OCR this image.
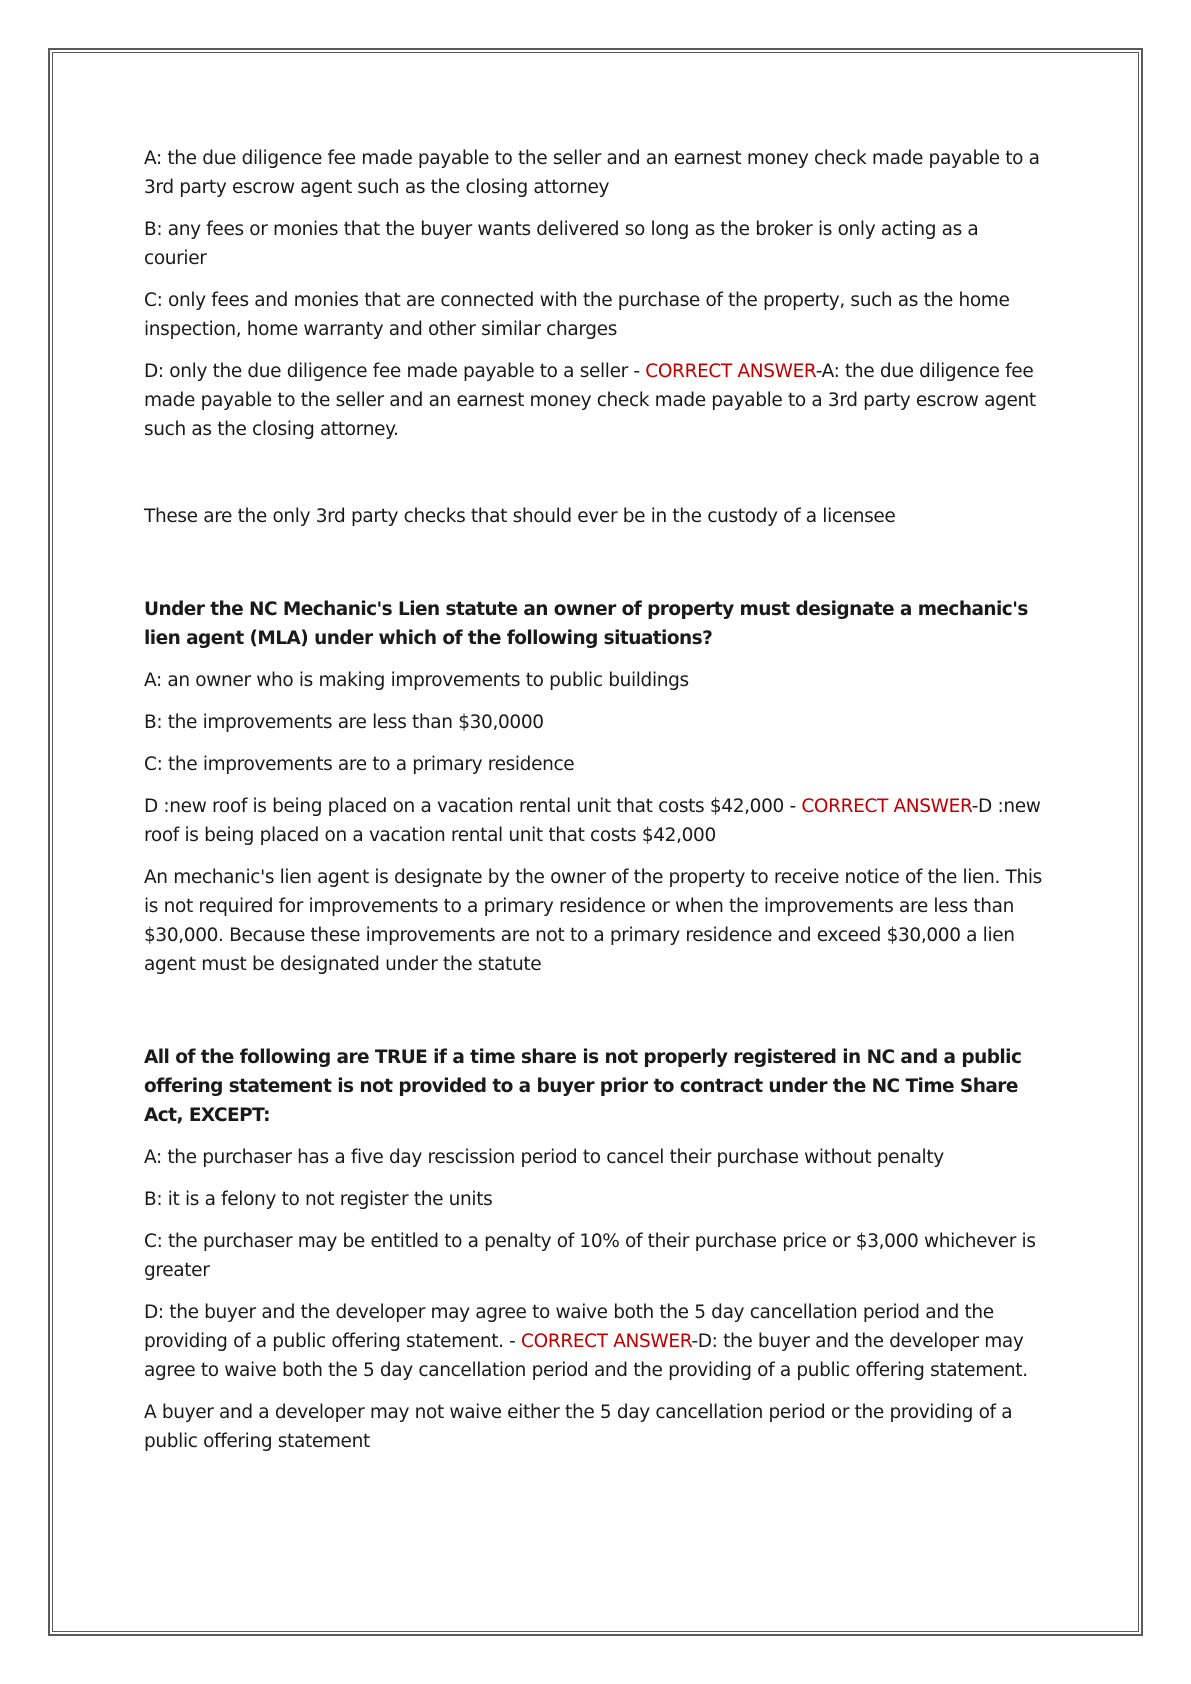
A: the due diligence fee made payable to the seller and an earnest money check made payable to a 3rd party escrow agent such as the closing attorney

B: any fees or monies that the buyer wants delivered so long as the broker is only acting as a courier

C: only fees and monies that are connected with the purchase of the property, such as the home inspection, home warranty and other similar charges

D: only the due diligence fee made payable to a seller - CORRECT ANSWER-A: the due diligence fee made payable to the seller and an earnest money check made payable to a 3rd party escrow agent such as the closing attorney.

These are the only 3rd party checks that should ever be in the custody of a licensee

Under the NC Mechanic's Lien statute an owner of property must designate a mechanic's lien agent (MLA) under which of the following situations?

A: an owner who is making improvements to public buildings

B: the improvements are less than $30,0000

C: the improvements are to a primary residence

D :new roof is being placed on a vacation rental unit that costs $42,000 - CORRECT ANSWER-D :new roof is being placed on a vacation rental unit that costs $42,000

An mechanic's lien agent is designate by the owner of the property to receive notice of the lien. This is not required for improvements to a primary residence or when the improvements are less than $30,000. Because these improvements are not to a primary residence and exceed $30,000 a lien agent must be designated under the statute

All of the following are TRUE if a time share is not properly registered in NC and a public offering statement is not provided to a buyer prior to contract under the NC Time Share Act, EXCEPT:

A: the purchaser has a five day rescission period to cancel their purchase without penalty

B: it is a felony to not register the units

C: the purchaser may be entitled to a penalty of 10% of their purchase price or $3,000 whichever is greater

D: the buyer and the developer may agree to waive both the 5 day cancellation period and the providing of a public offering statement. - CORRECT ANSWER-D: the buyer and the developer may agree to waive both the 5 day cancellation period and the providing of a public offering statement.

A buyer and a developer may not waive either the 5 day cancellation period or the providing of a public offering statement
